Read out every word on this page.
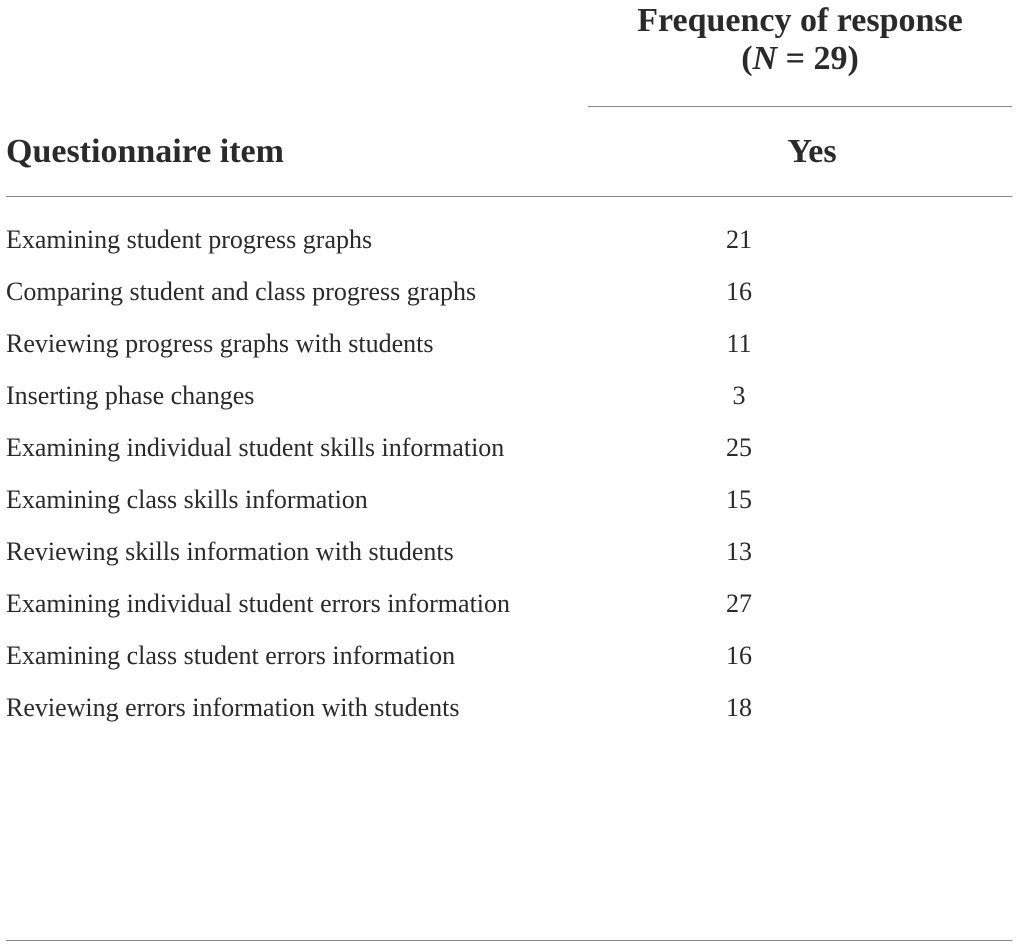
Frequency of response
(N = 29)
Questionnaire item	Yes
Examining student progress graphs	21
Comparing student and class progress graphs	16
Reviewing progress graphs with students	11
Inserting phase changes	3
Examining individual student skills information	25
Examining class skills information	15
Reviewing skills information with students	13
Examining individual student errors information	27
Examining class student errors information	16
Reviewing errors information with students	18
